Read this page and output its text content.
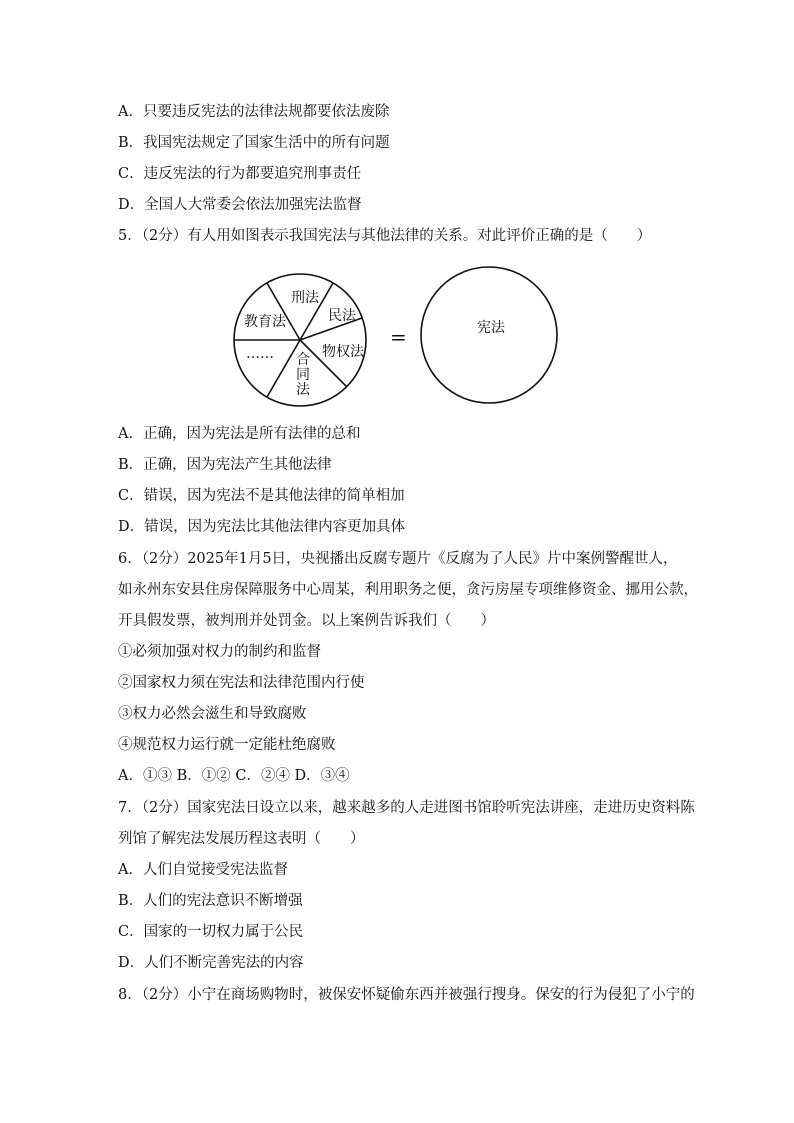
A．只要违反宪法的法律法规都要依法废除
B．我国宪法规定了国家生活中的所有问题
C．违反宪法的行为都要追究刑事责任
D．全国人大常委会依法加强宪法监督
5．（2分）有人用如图表示我国宪法与其他法律的关系。对此评价正确的是（　　）
刑法
民法
教育法
物权法
…… 合
同
法
=	宪法
A．正确，因为宪法是所有法律的总和
B．正确，因为宪法产生其他法律
C．错误，因为宪法不是其他法律的简单相加
D．错误，因为宪法比其他法律内容更加具体
6．（2分）2025年1月5日，央视播出反腐专题片《反腐为了人民》片中案例警醒世人，
如永州东安县住房保障服务中心周某，利用职务之便，贪污房屋专项维修资金、挪用公款，
开具假发票，被判刑并处罚金。以上案例告诉我们（　　）
①必须加强对权力的制约和监督
②国家权力须在宪法和法律范围内行使
③权力必然会滋生和导致腐败
④规范权力运行就一定能杜绝腐败
A．①③ B．①② C．②④ D．③④
7．（2分）国家宪法日设立以来，越来越多的人走进图书馆聆听宪法讲座，走进历史资料陈
列馆了解宪法发展历程这表明（　　）
A．人们自觉接受宪法监督
B．人们的宪法意识不断增强
C．国家的一切权力属于公民
D．人们不断完善宪法的内容
8．（2分）小宁在商场购物时，被保安怀疑偷东西并被强行搜身。保安的行为侵犯了小宁的
